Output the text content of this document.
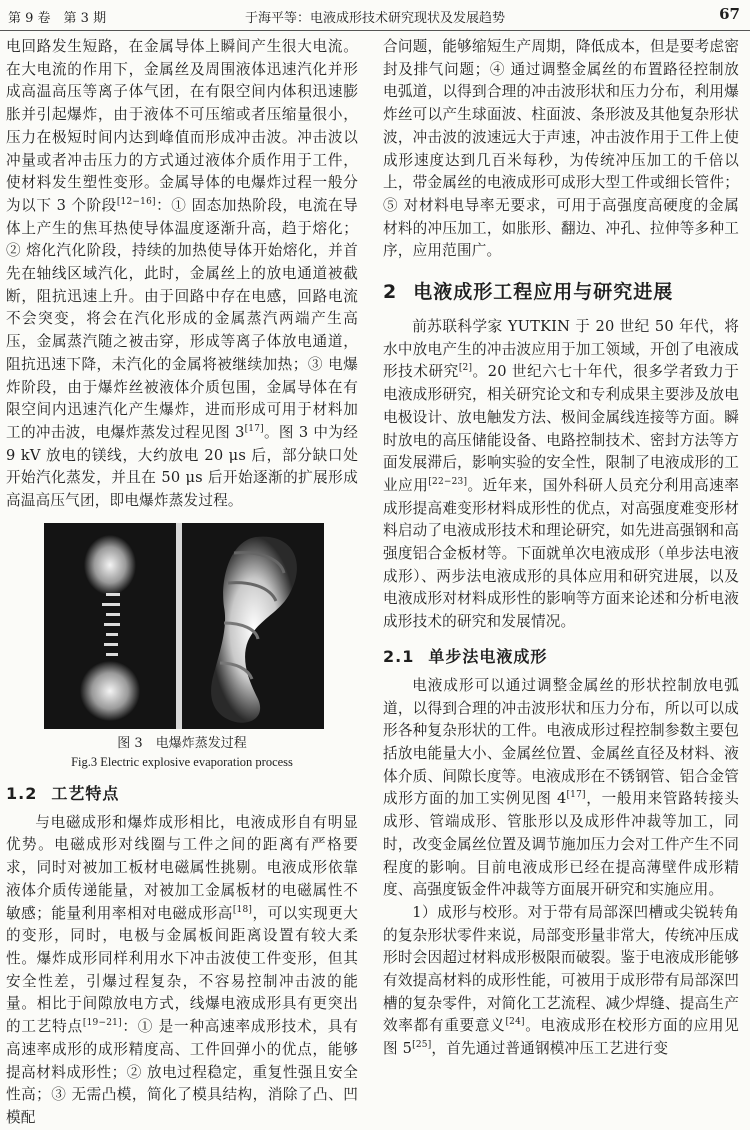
第 9 卷　第 3 期	于海平等：电液成形技术研究现状及发展趋势	67

电回路发生短路，在金属导体上瞬间产生很大电流。在大电流的作用下，金属丝及周围液体迅速汽化并形成高温高压等离子体气团，在有限空间内体积迅速膨胀并引起爆炸，由于液体不可压缩或者压缩量很小，压力在极短时间内达到峰值而形成冲击波。冲击波以冲量或者冲击压力的方式通过液体介质作用于工件，使材料发生塑性变形。金属导体的电爆炸过程一般分为以下 3 个阶段[12−16]：① 固态加热阶段，电流在导体上产生的焦耳热使导体温度逐渐升高，趋于熔化；② 熔化汽化阶段，持续的加热使导体开始熔化，并首先在轴线区域汽化，此时，金属丝上的放电通道被截断，阻抗迅速上升。由于回路中存在电感，回路电流不会突变，将会在汽化形成的金属蒸汽两端产生高压，金属蒸汽随之被击穿，形成等离子体放电通道，阻抗迅速下降，未汽化的金属将被继续加热；③ 电爆炸阶段，由于爆炸丝被液体介质包围，金属导体在有限空间内迅速汽化产生爆炸，进而形成可用于材料加工的冲击波，电爆炸蒸发过程见图 3[17]。图 3 中为经 9 kV 放电的镁线，大约放电 20 μs 后，部分缺口处开始汽化蒸发，并且在 50 μs 后开始逐渐的扩展形成高温高压气团，即电爆炸蒸发过程。

图 3　电爆炸蒸发过程
Fig.3 Electric explosive evaporation process
1.2 工艺特点

与电磁成形和爆炸成形相比，电液成形自有明显优势。电磁成形对线圈与工件之间的距离有严格要求，同时对被加工板材电磁属性挑剔。电液成形依靠液体介质传递能量，对被加工金属板材的电磁属性不敏感；能量利用率相对电磁成形高[18]，可以实现更大的变形，同时，电极与金属板间距离设置有较大柔性。爆炸成形同样利用水下冲击波使工件变形，但其安全性差，引爆过程复杂，不容易控制冲击波的能量。相比于间隙放电方式，线爆电液成形具有更突出的工艺特点[19−21]：① 是一种高速率成形技术，具有高速率成形的成形精度高、工件回弹小的优点，能够提高材料成形性；② 放电过程稳定，重复性强且安全性高；③ 无需凸模，简化了模具结构，消除了凸、凹模配

合问题，能够缩短生产周期，降低成本，但是要考虑密封及排气问题；④ 通过调整金属丝的布置路径控制放电弧道，以得到合理的冲击波形状和压力分布，利用爆炸丝可以产生球面波、柱面波、条形波及其他复杂形状波，冲击波的波速远大于声速，冲击波作用于工件上使成形速度达到几百米每秒，为传统冲压加工的千倍以上，带金属丝的电液成形可成形大型工件或细长管件；⑤ 对材料电导率无要求，可用于高强度高硬度的金属材料的冲压加工，如胀形、翻边、冲孔、拉伸等多种工序，应用范围广。

2 电液成形工程应用与研究进展

前苏联科学家 YUTKIN 于 20 世纪 50 年代，将水中放电产生的冲击波应用于加工领域，开创了电液成形技术研究[2]。20 世纪六七十年代，很多学者致力于电液成形研究，相关研究论文和专利成果主要涉及放电电极设计、放电触发方法、极间金属线连接等方面。瞬时放电的高压储能设备、电路控制技术、密封方法等方面发展滞后，影响实验的安全性，限制了电液成形的工业应用[22−23]。近年来，国外科研人员充分利用高速率成形提高难变形材料成形性的优点，对高强度难变形材料启动了电液成形技术和理论研究，如先进高强钢和高强度铝合金板材等。下面就单次电液成形（单步法电液成形）、两步法电液成形的具体应用和研究进展，以及电液成形对材料成形性的影响等方面来论述和分析电液成形技术的研究和发展情况。

2.1 单步法电液成形

电液成形可以通过调整金属丝的形状控制放电弧道，以得到合理的冲击波形状和压力分布，所以可以成形各种复杂形状的工件。电液成形过程控制参数主要包括放电能量大小、金属丝位置、金属丝直径及材料、液体介质、间隙长度等。电液成形在不锈钢管、铝合金管成形方面的加工实例见图 4[17]，一般用来管路转接头成形、管端成形、管胀形以及成形件冲裁等加工，同时，改变金属丝位置及调节施加压力会对工件产生不同程度的影响。目前电液成形已经在提高薄壁件成形精度、高强度钣金件冲裁等方面展开研究和实施应用。

1）成形与校形。对于带有局部深凹槽或尖锐转角的复杂形状零件来说，局部变形量非常大，传统冲压成形时会因超过材料成形极限而破裂。鉴于电液成形能够有效提高材料的成形性能，可被用于成形带有局部深凹槽的复杂零件，对简化工艺流程、减少焊缝、提高生产效率都有重要意义[24]。电液成形在校形方面的应用见图 5[25]，首先通过普通钢模冲压工艺进行变
